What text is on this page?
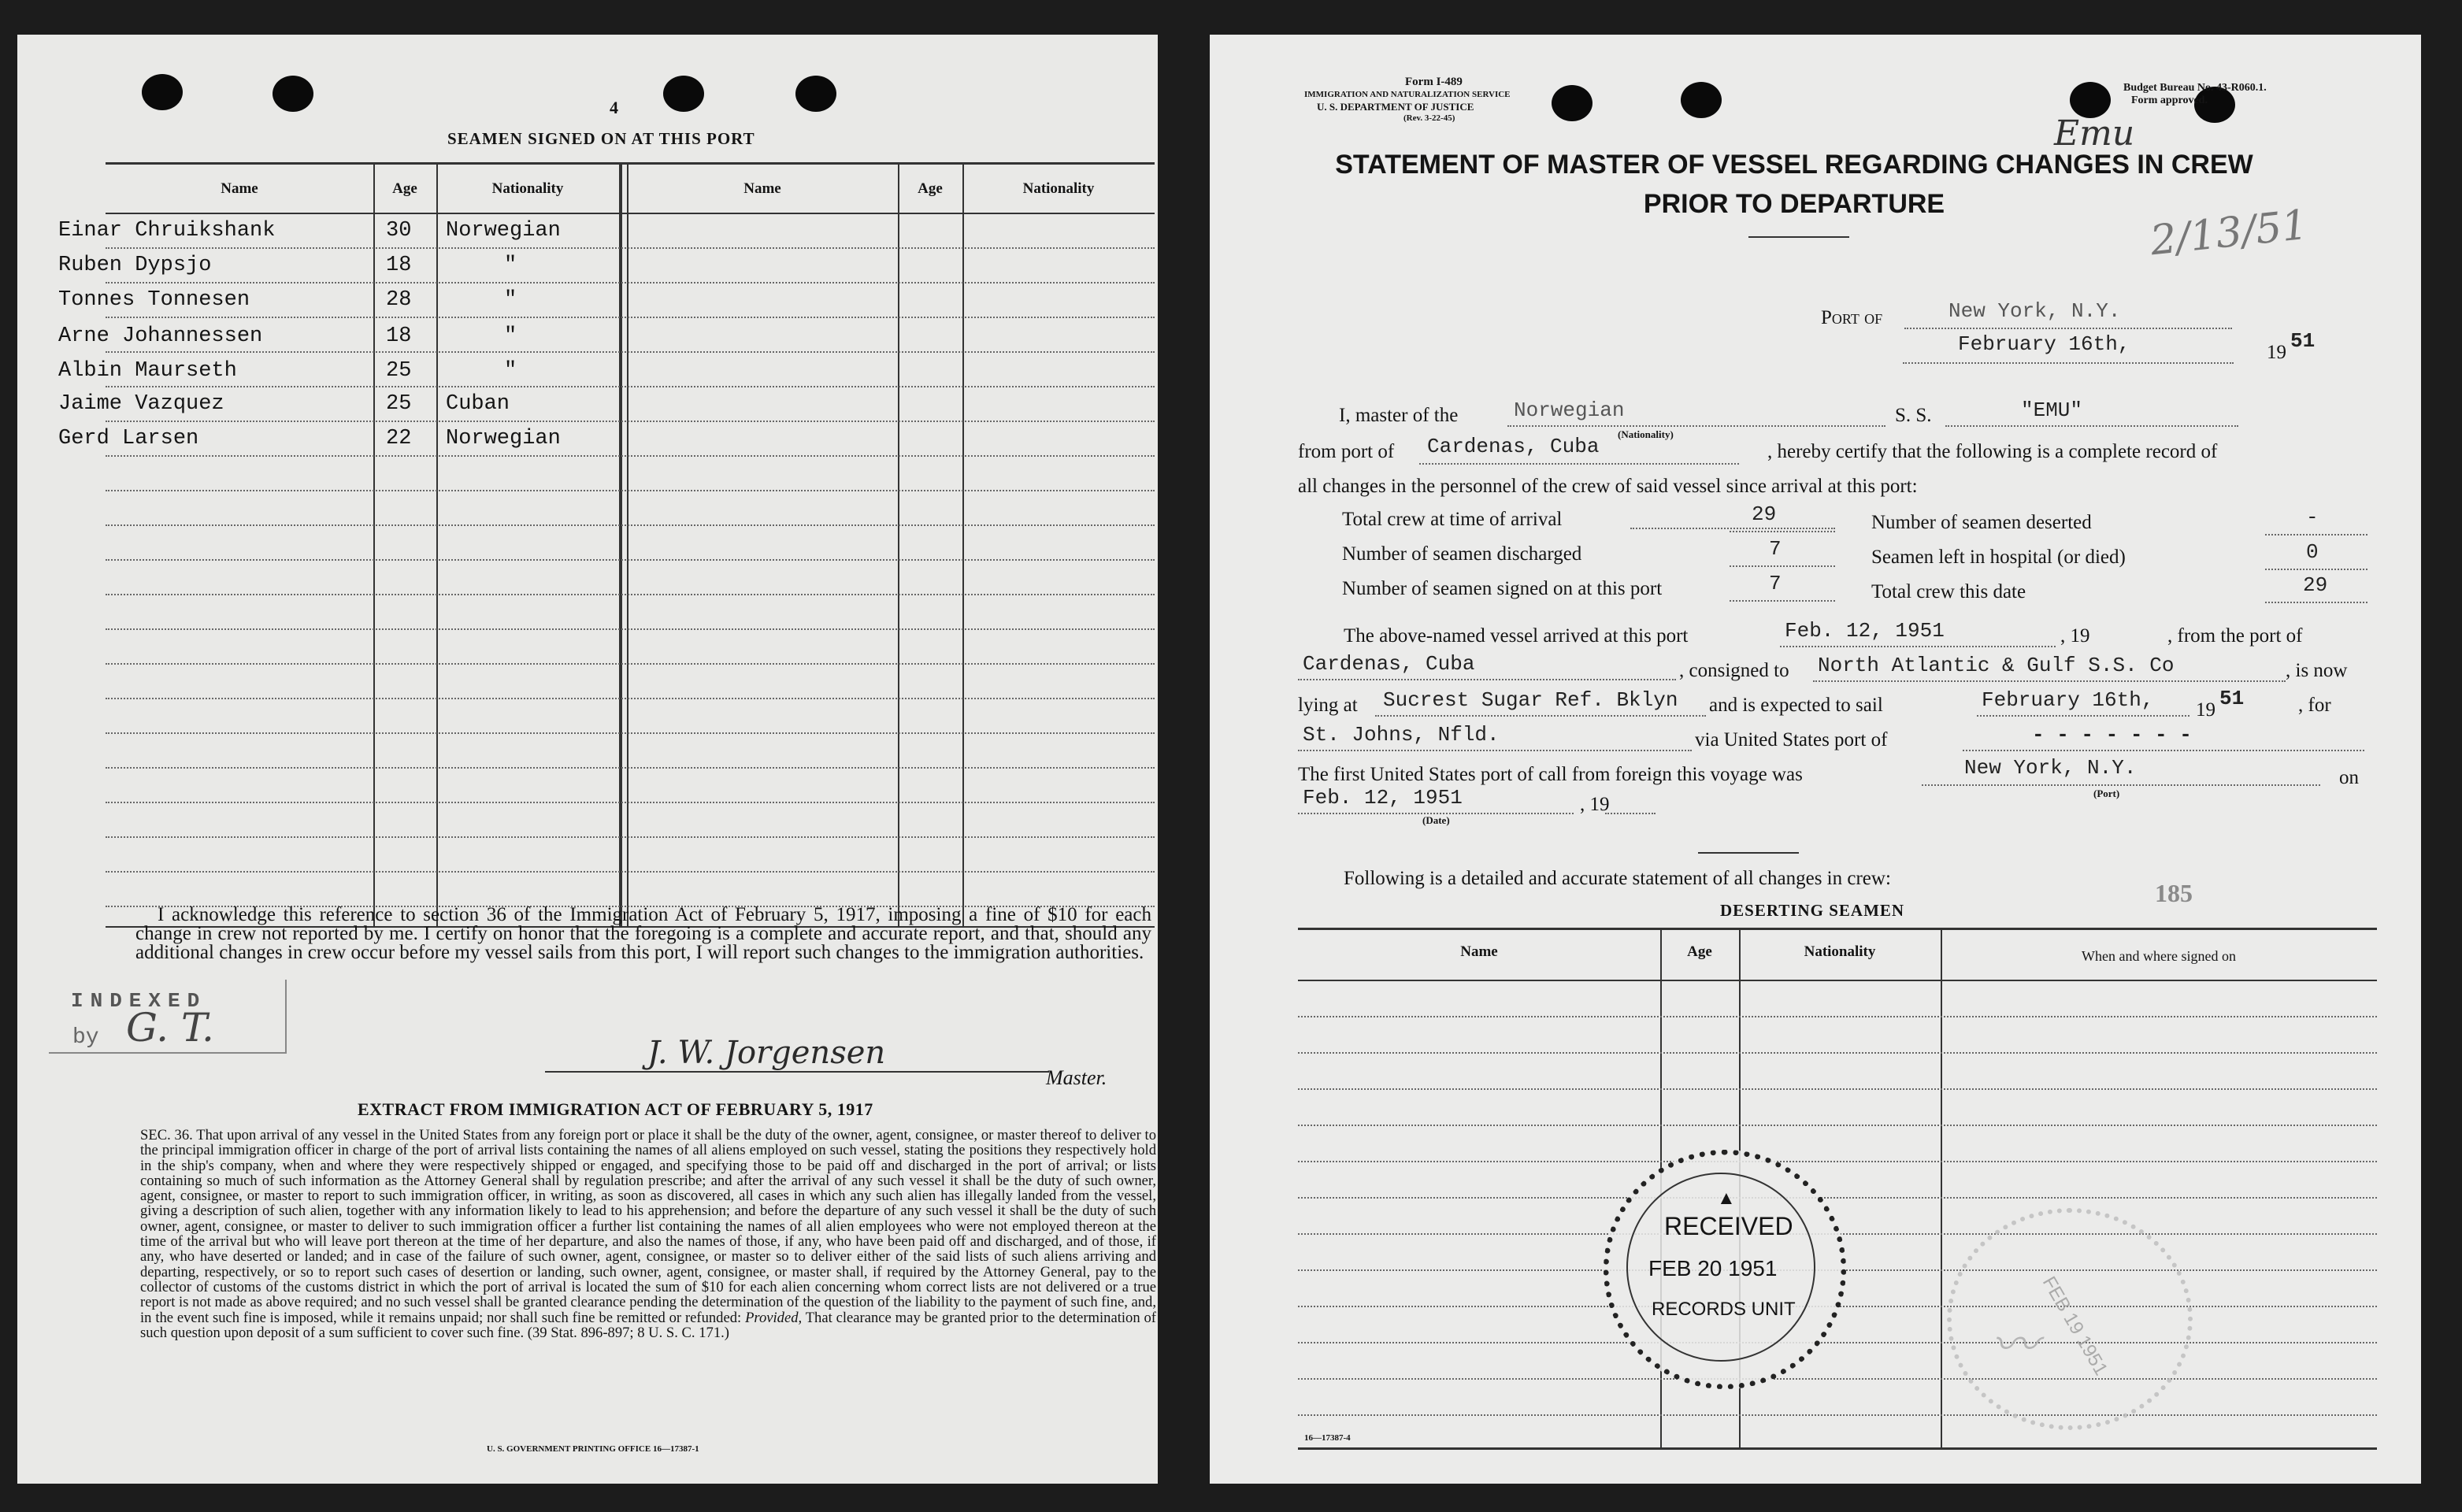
4
SEAMEN SIGNED ON AT THIS PORT
Name	Age	Nationality	Name	Age	Nationality
Einar Chruikshank	30 Norwegian
Ruben Dypsjo	18	"
Tonnes Tonnesen	28	"
Arne Johannessen	18	"
Albin Maurseth	25	"
Jaime Vazquez	25 Cuban
Gerd Larsen	22 Norwegian
I acknowledge this reference to section 36 of the Immigration Act of February 5, 1917, imposing a fine of $10 for each change in crew not reported by me. I certify on honor that the foregoing is a complete and accurate report, and that, should any additional changes in crew occur before my vessel sails from this port, I will report such changes to the immigration authorities.
INDEXED
by G. T.
J. W. Jorgensen
Master.
EXTRACT FROM IMMIGRATION ACT OF FEBRUARY 5, 1917
SEC. 36. That upon arrival of any vessel in the United States from any foreign port or place it shall be the duty of the owner, agent, consignee, or master thereof to deliver to the principal immigration officer in charge of the port of arrival lists containing the names of all aliens employed on such vessel, stating the positions they respectively hold in the ship's company, when and where they were respectively shipped or engaged, and specifying those to be paid off and discharged in the port of arrival; or lists containing so much of such information as the Attorney General shall by regulation prescribe; and after the arrival of any such vessel it shall be the duty of such owner, agent, consignee, or master to report to such immigration officer, in writing, as soon as discovered, all cases in which any such alien has illegally landed from the vessel, giving a description of such alien, together with any information likely to lead to his apprehension; and before the departure of any such vessel it shall be the duty of such owner, agent, consignee, or master to deliver to such immigration officer a further list containing the names of all alien employees who were not employed thereon at the time of the arrival but who will leave port thereon at the time of her departure, and also the names of those, if any, who have been paid off and discharged, and of those, if any, who have deserted or landed; and in case of the failure of such owner, agent, consignee, or master so to deliver either of the said lists of such aliens arriving and departing, respectively, or so to report such cases of desertion or landing, such owner, agent, consignee, or master shall, if required by the Attorney General, pay to the collector of customs of the customs district in which the port of arrival is located the sum of $10 for each alien concerning whom correct lists are not delivered or a true report is not made as above required; and no such vessel shall be granted clearance pending the determination of the question of the liability to the payment of such fine, and, in the event such fine is imposed, while it remains unpaid; nor shall such fine be remitted or refunded: Provided, That clearance may be granted prior to the determination of such question upon deposit of a sum sufficient to cover such fine. (39 Stat. 896-897; 8 U. S. C. 171.)
U. S. GOVERNMENT PRINTING OFFICE 16—17387-1
Form I-489
IMMIGRATION AND NATURALIZATION SERVICE
U. S. DEPARTMENT OF JUSTICE
(Rev. 3-22-45)
Budget Bureau No. 43-R060.1.
Form approved.
Emu
2/13/51
STATEMENT OF MASTER OF VESSEL REGARDING CHANGES IN CREW
PRIOR TO DEPARTURE
Port of	New York, N.Y.
February 16th,	19 51
I, master of the	Norwegian
(Nationality)
S. S.	"EMU"
from port of Cardenas, Cuba	, hereby certify that the following is a complete record of
all changes in the personnel of the crew of said vessel since arrival at this port:
Total crew at time of arrival	29
Number of seamen discharged	7
Number of seamen signed on at this port	7
Number of seamen deserted	-
Seamen left in hospital (or died)	0
Total crew this date	29
The above-named vessel arrived at this port	Feb. 12, 1951	, 19	, from the port of
Cardenas, Cuba	, consigned to North Atlantic & Gulf S.S. Co	, is now
lying at Sucrest Sugar Ref. Bklyn and is expected to sail	February 16th, 19 51	, for
St. Johns, Nfld.	via United States port of	- - - - - - -
The first United States port of call from foreign this voyage was	New York, N.Y.
(Port)
on
Feb. 12, 1951	, 19
(Date)
Following is a detailed and accurate statement of all changes in crew:
185
DESERTING SEAMEN
Name	Age	Nationality	When and where signed on
▲
RECEIVED
FEB 20 1951
RECORDS UNIT	FEB 19 1951
〰
16—17387-4
